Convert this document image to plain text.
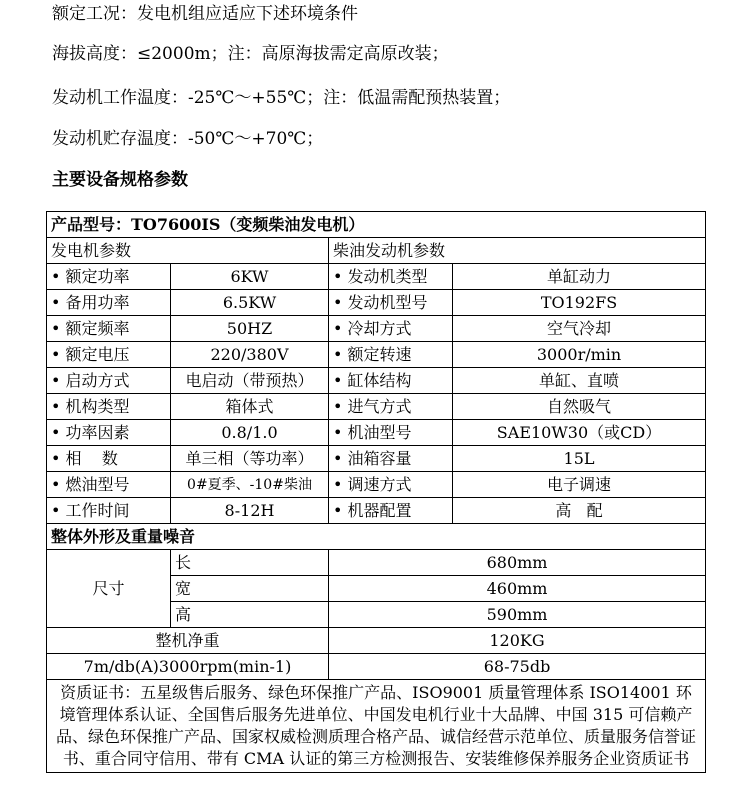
额定工况：发电机组应适应下述环境条件
海拔高度：≤2000m；注：高原海拔需定高原改装；
发动机工作温度：-25℃～+55℃；注：低温需配预热装置；
发动机贮存温度：-50℃～+70℃；
主要设备规格参数
产品型号：TO7600IS（变频柴油发电机）			
发电机参数		柴油发动机参数	
• 额定功率	6KW	• 发动机类型	单缸动力
• 备用功率	6.5KW	• 发动机型号	TO192FS
• 额定频率	50HZ	• 冷却方式	空气冷却
• 额定电压	220/380V	• 额定转速	3000r/min
• 启动方式	电启动（带预热）	• 缸体结构	单缸、直喷
• 机构类型	箱体式	• 进气方式	自然吸气
• 功率因素	0.8/1.0	• 机油型号	SAE10W30（或CD）
• 相    数	单三相（等功率）	• 油箱容量	15L
• 燃油型号	0#夏季、-10#柴油	• 调速方式	电子调速
• 工作时间	8-12H	• 机器配置	高   配
整体外形及重量噪音			
尺寸	长	680mm	
	宽	460mm	
	高	590mm	
整机净重		120KG	
7m/db(A)3000rpm(min-1)		68-75db	
资质证书：五星级售后服务、绿色环保推广产品、ISO9001 质量管理体系 ISO14001 环境管理体系认证、全国售后服务先进单位、中国发电机行业十大品牌、中国 315 可信赖产品、绿色环保推广产品、国家权威检测质理合格产品、诚信经营示范单位、质量服务信誉证书、重合同守信用、带有 CMA 认证的第三方检测报告、安装维修保养服务企业资质证书			
